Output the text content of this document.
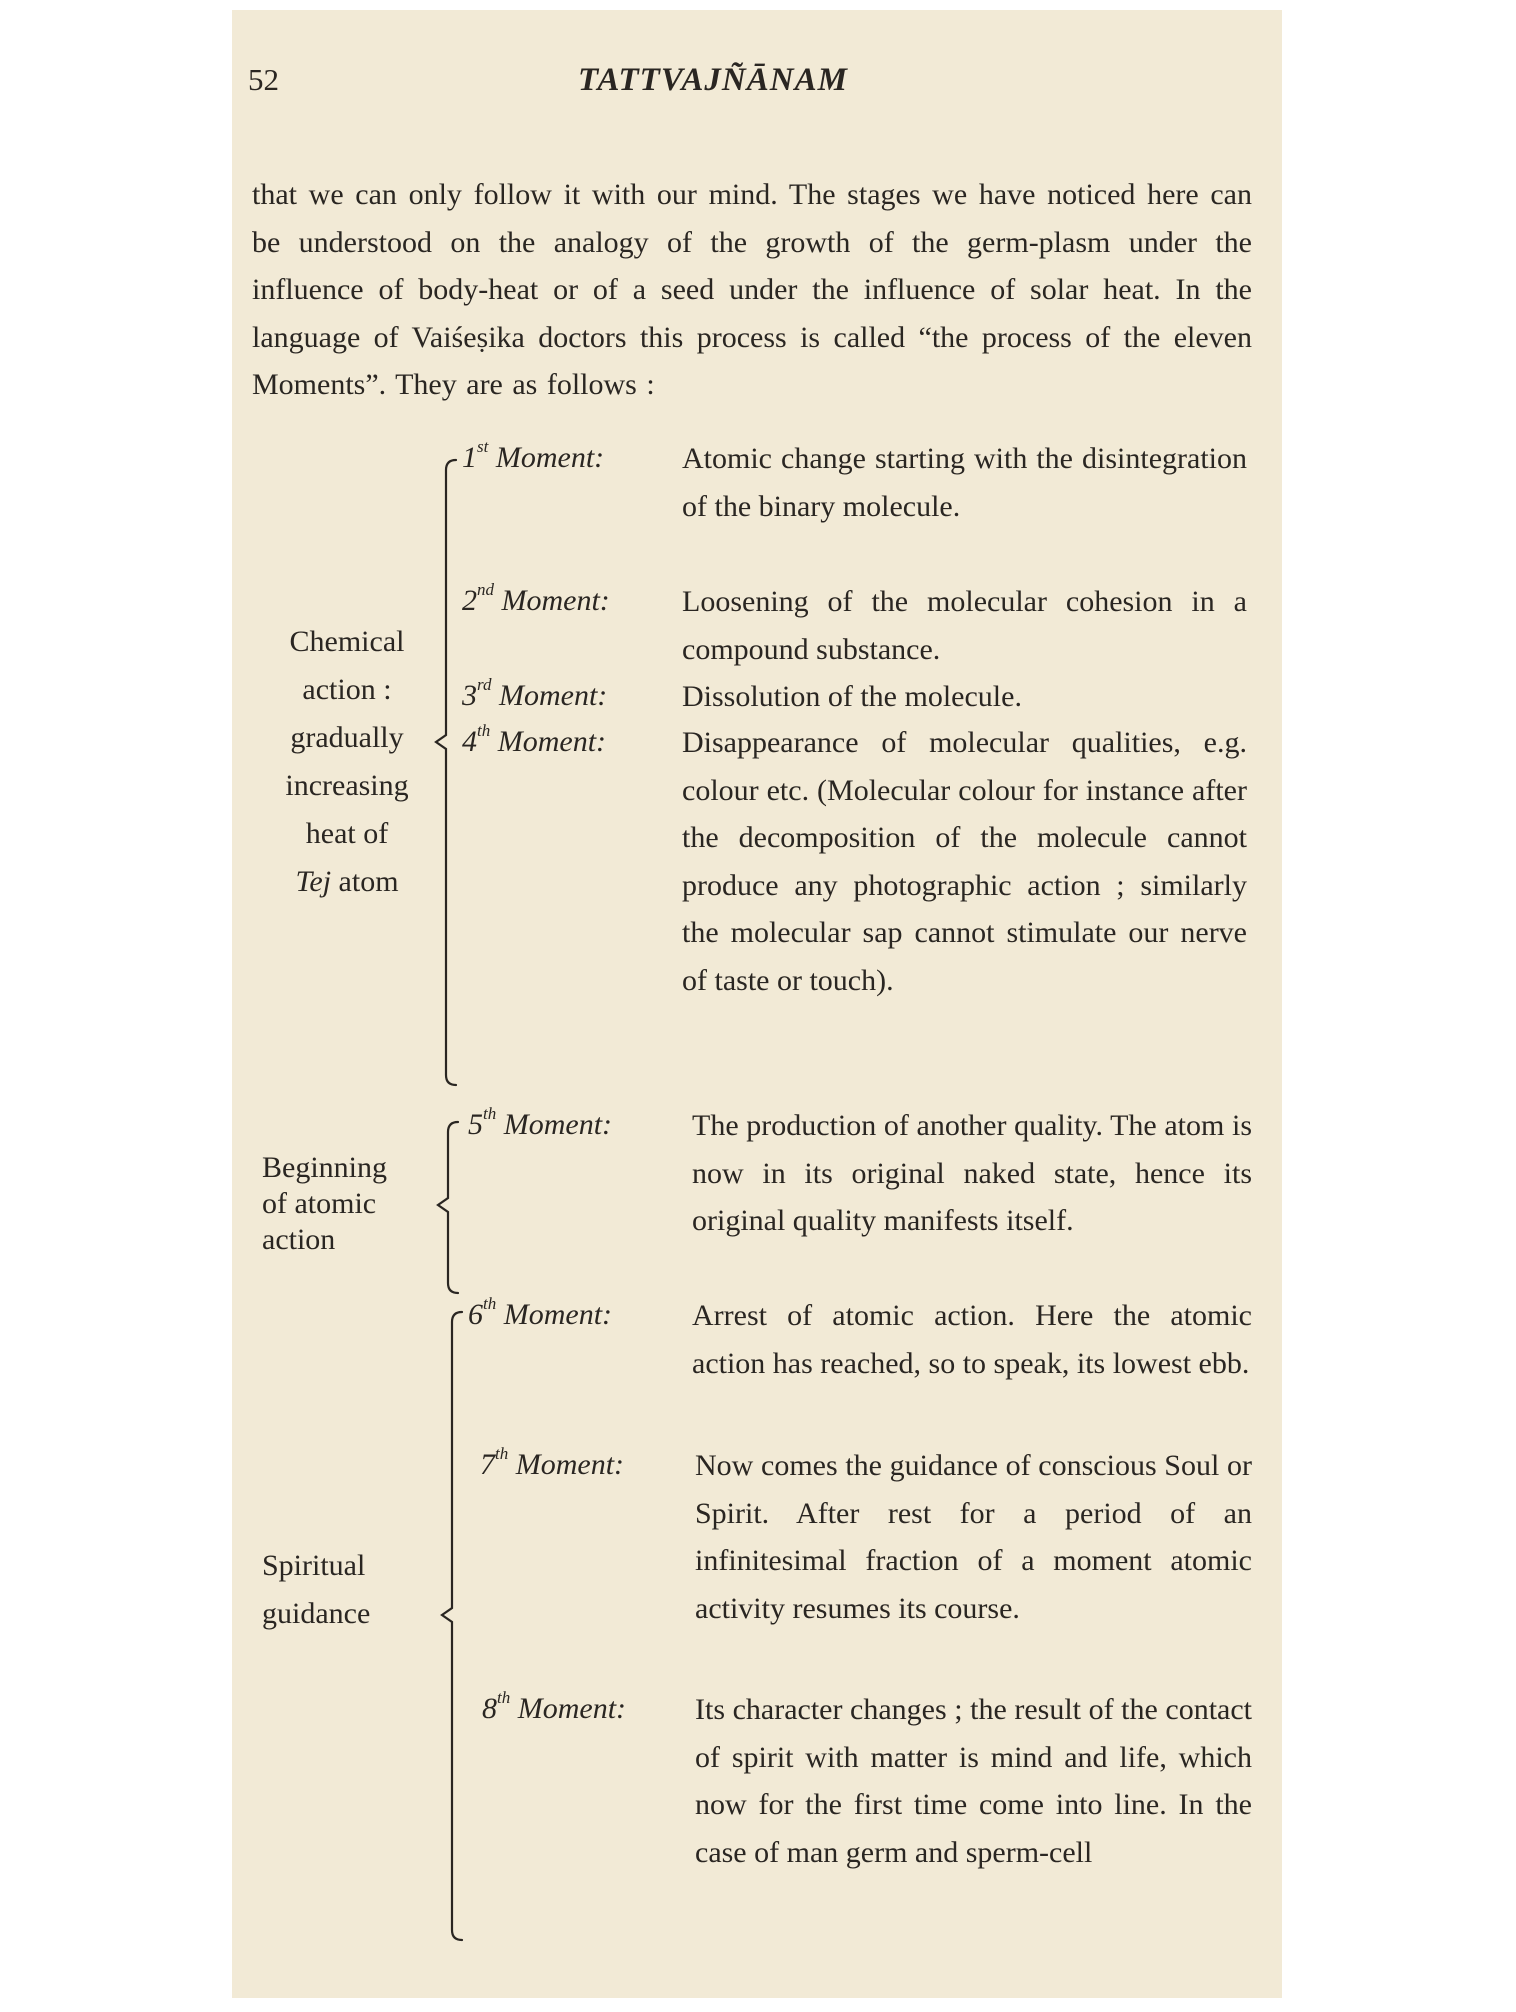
52	TATTVAJÑĀNAM

that we can only follow it with our mind. The stages we have noticed here can be understood on the analogy of the growth of the germ-plasm under the influence of body-heat or of a seed under the influence of solar heat. In the language of Vaiśeṣika doctors this process is called “the process of the eleven Moments”. They are as follows :

Chemical
action :
gradually
increasing
heat of
Tej atom
Beginning
of atomic
action
Spiritual
guidance
1st Moment:	Atomic change starting with the disintegration of the binary molecule.
2nd Moment: Loosening of the molecular cohesion in a compound substance.
3rd Moment: Dissolution of the molecule.
4th Moment:	Disappearance of molecular qualities, e.g. colour etc. (Molecular colour for instance after the decomposition of the molecule cannot produce any photographic action ; similarly the molecular sap cannot stimulate our nerve of taste or touch).
5th Moment:	The production of another quality. The atom is now in its original naked state, hence its original quality manifests itself.
6th Moment:	Arrest of atomic action. Here the atomic action has reached, so to speak, its lowest ebb.
7th Moment: Now comes the guidance of conscious Soul or Spirit. After rest for a period of an infinitesimal fraction of a moment atomic activity resumes its course.
8th Moment: Its character changes ; the result of the contact of spirit with matter is mind and life, which now for the first time come into line. In the case of man germ and sperm-cell
